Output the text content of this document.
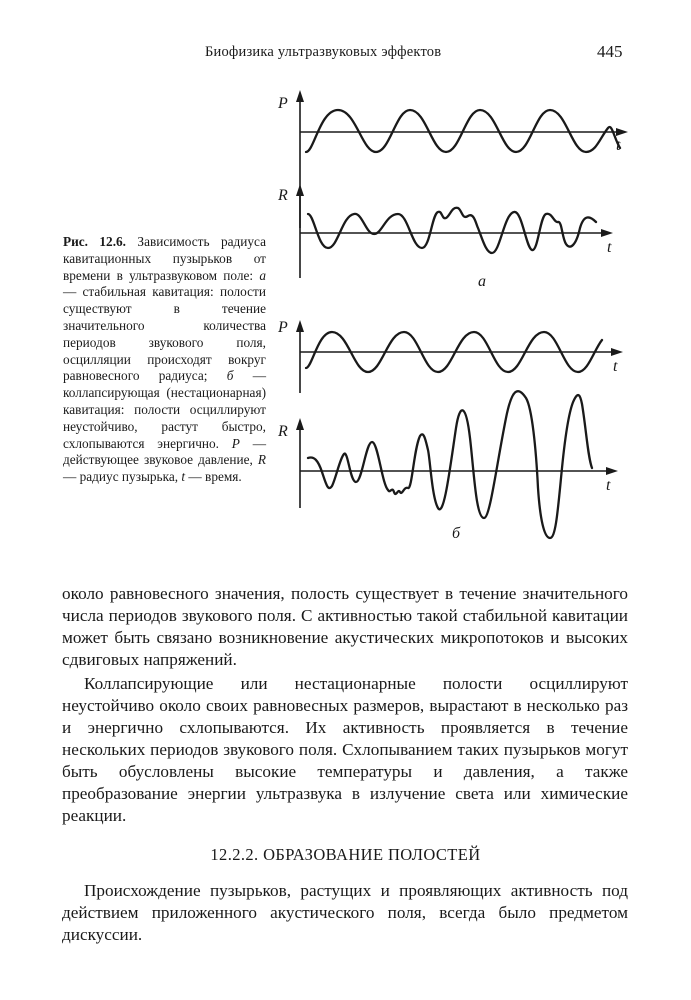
Биофизика ультразвуковых эффектов	445
P
t
R
t
а
P
t
R
t
б
Рис. 12.6. Зависимость радиуса кавитационных пузырьков от времени в ультразвуковом поле: а — стабильная кавитация: полости существуют в течение значительного количества периодов звукового поля, осцилляции происходят вокруг равновесного радиуса; б — коллапсирующая (нестационарная) кавитация: полости осциллируют неустойчиво, растут быстро, схлопываются энергично. P — действующее звуковое давление, R — радиус пузырька, t — время.

около равновесного значения, полость существует в течение значительного числа периодов звукового поля. С активностью такой стабильной кавитации может быть связано возникновение акустических микропотоков и высоких сдвиговых напряжений.

Коллапсирующие или нестационарные полости осциллируют неустойчиво около своих равновесных размеров, вырастают в несколько раз и энергично схлопываются. Их активность проявляется в течение нескольких периодов звукового поля. Схлопыванием таких пузырьков могут быть обусловлены высокие температуры и давления, а также преобразование энергии ультразвука в излучение света или химические реакции.

12.2.2. ОБРАЗОВАНИЕ ПОЛОСТЕЙ

Происхождение пузырьков, растущих и проявляющих активность под действием приложенного акустического поля, всегда было предметом дискуссии.
